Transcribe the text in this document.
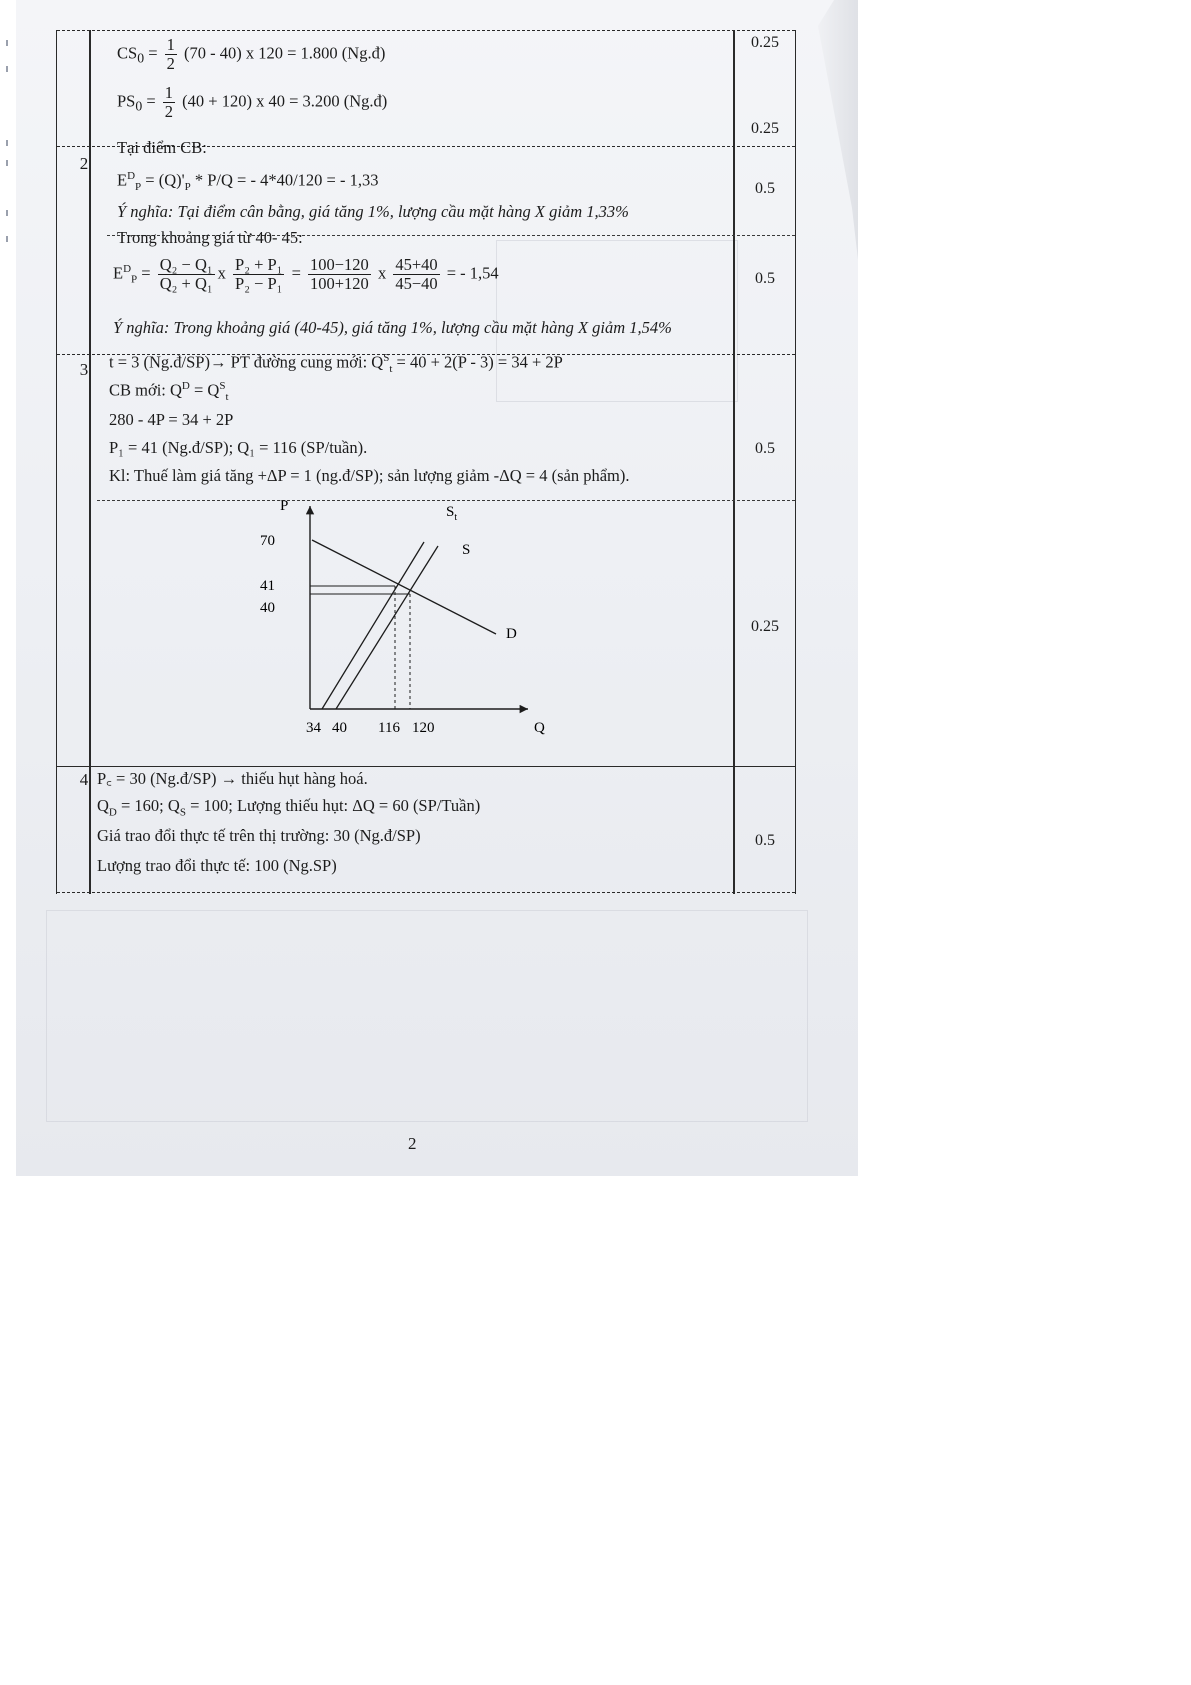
2
3
4
0.25
0.25
0.5
0.5
0.5
0.25
0.5
$CS_0 = \frac{1}{2} (70 - 40)$ x 120 = 1.800 (Ng.đ)
$PS_0 = \frac{1}{2} (40 + 120)$ x 40 = 3.200 (Ng.đ)
Tại điểm CB:
$E^D_P = (Q)'_P * P/Q$ = - 4*40/120 = - 1,33
Ý nghĩa: Tại điểm cân bằng, giá tăng 1%, lượng cầu mặt hàng X giảm 1,33%
Trong khoảng giá từ 40- 45:
$E^D_P = \frac{\text{Q₂ − Q₁}}{\text{Q₂ + Q₁}}$ x $\frac{\text{P₂ + P₁}}{\text{P₂ − P₁}} = \frac{100-120}{100+120}$ x $\frac{45+40}{45-40}$ = - 1,54
Ý nghĩa: Trong khoảng giá (40-45), giá tăng 1%, lượng cầu mặt hàng X giảm 1,54%
t = 3 (Ng.đ/SP)→ PT đường cung mới: $Q^S_t = 40 + 2(P - 3) = 34 + 2P$
CB mới: $Q^D = Q^S_t$
280 - 4P = 34 + 2P
P₁ = 41 (Ng.đ/SP); Q₁ = 116 (SP/tuần).
Kl: Thuế làm giá tăng +ΔP = 1 (ng.đ/SP); sản lượng giảm -ΔQ = 4 (sản phẩm).
P꜀ = 30 (Ng.đ/SP) → thiếu hụt hàng hoá.
$Q_D = 160$; $Q_S = 100$; Lượng thiếu hụt: ΔQ = 60 (SP/Tuần)
Giá trao đổi thực tế trên thị trường: 30 (Ng.đ/SP)
Lượng trao đổi thực tế: 100 (Ng.SP)
P
70
41
40
34 40 116 120	Q
$S_t$
S
D
2
